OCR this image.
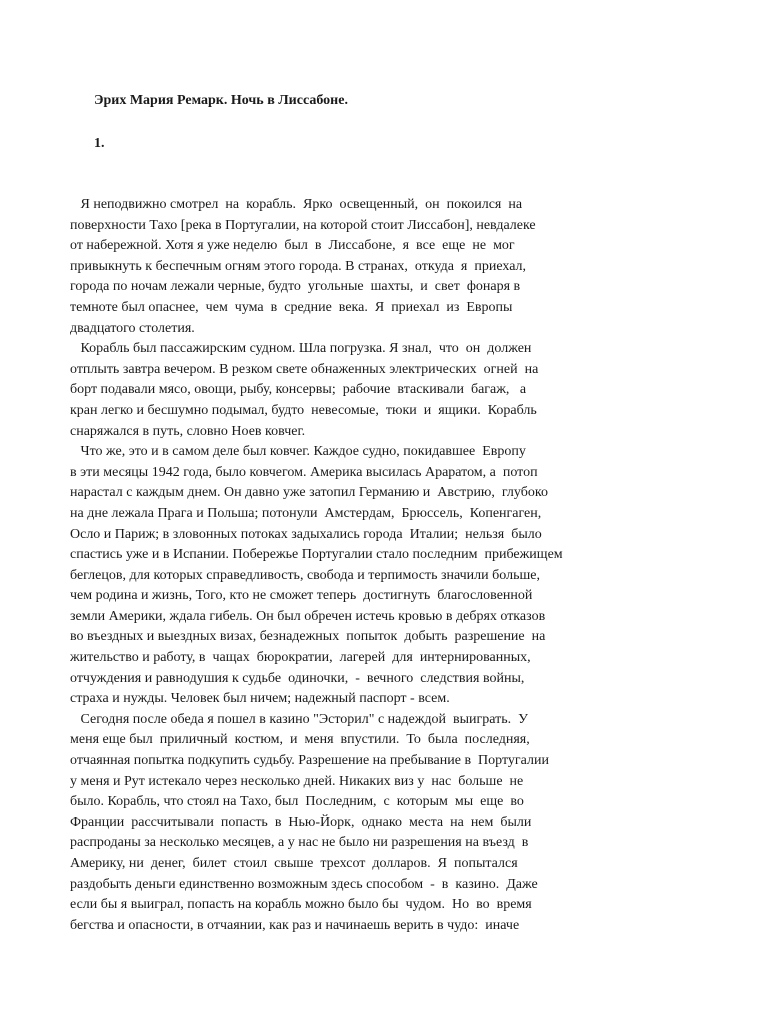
Эрих Мария Ремарк. Ночь в Лиссабоне.
1.
Я неподвижно смотрел  на  корабль.  Ярко  освещенный,  он  покоился  на
поверхности Тахо [река в Португалии, на которой стоит Лиссабон], невдалеке
от набережной. Хотя я уже неделю  был  в  Лиссабоне,  я  все  еще  не  мог
привыкнуть к беспечным огням этого города. В странах,  откуда  я  приехал,
города по ночам лежали черные, будто  угольные  шахты,  и  свет  фонаря в
темноте был опаснее,  чем  чума  в  средние  века.  Я  приехал  из  Европы
двадцатого столетия.
Корабль был пассажирским судном. Шла погрузка. Я знал,  что  он  должен
отплыть завтра вечером. В резком свете обнаженных электрических  огней  на
борт подавали мясо, овощи, рыбу, консервы;  рабочие  втаскивали  багаж,   а
кран легко и бесшумно подымал, будто  невесомые,  тюки  и  ящики.  Корабль
снаряжался в путь, словно Ноев ковчег.
Что же, это и в самом деле был ковчег. Каждое судно, покидавшее  Европу
в эти месяцы 1942 года, было ковчегом. Америка высилась Араратом, а  потоп
нарастал с каждым днем. Он давно уже затопил Германию и  Австрию,  глубоко
на дне лежала Прага и Польша; потонули  Амстердам,  Брюссель,  Копенгаген,
Осло и Париж; в зловонных потоках задыхались города  Италии;  нельзя  было
спастись уже и в Испании. Побережье Португалии стало последним  прибежищем
беглецов, для которых справедливость, свобода и терпимость значили больше,
чем родина и жизнь, Того, кто не сможет теперь  достигнуть  благословенной
земли Америки, ждала гибель. Он был обречен истечь кровью в дебрях отказов
во въездных и выездных визах, безнадежных  попыток  добыть  разрешение  на
жительство и работу, в  чащах  бюрократии,  лагерей  для  интернированных,
отчуждения и равнодушия к судьбе  одиночки,  -  вечного  следствия войны,
страха и нужды. Человек был ничем; надежный паспорт - всем.
Сегодня после обеда я пошел в казино "Эсторил" с надеждой  выиграть.  У
меня еще был  приличный  костюм,  и  меня  впустили.  То  была  последняя,
отчаянная попытка подкупить судьбу. Разрешение на пребывание в  Португалии
у меня и Рут истекало через несколько дней. Никаких виз у  нас  больше  не
было. Корабль, что стоял на Тахо, был  Последним,  с  которым  мы  еще  во
Франции  рассчитывали  попасть  в  Нью-Йорк,  однако  места  на  нем  были
распроданы за несколько месяцев, а у нас не было ни разрешения на въезд  в
Америку, ни  денег,  билет  стоил  свыше  трехсот  долларов.  Я  попытался
раздобыть деньги единственно возможным здесь способом  -  в  казино.  Даже
если бы я выиграл, попасть на корабль можно было бы  чудом.  Но  во  время
бегства и опасности, в отчаянии, как раз и начинаешь верить в чудо:  иначе
